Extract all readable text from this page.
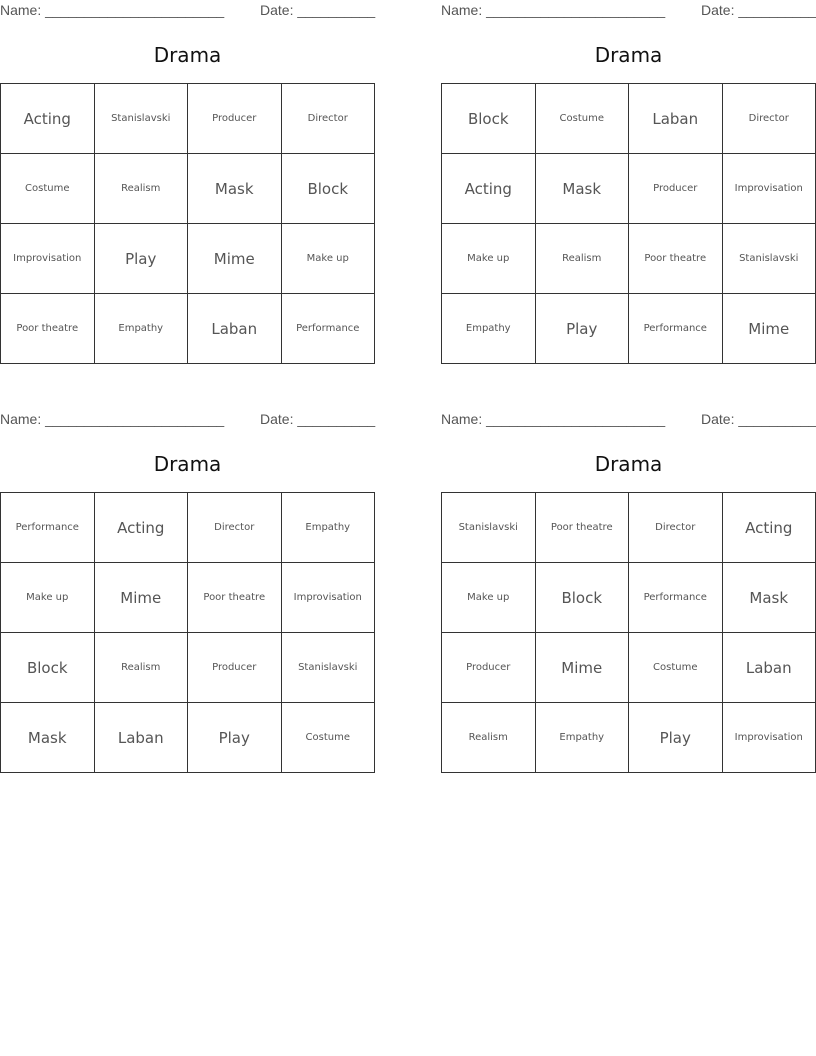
Name: _______________________	Date: __________
Drama
Acting	Stanislavski	Producer	Director
Costume	Realism	Mask	Block
Improvisation	Play	Mime	Make up
Poor theatre	Empathy	Laban	Performance
Name: _______________________	Date: __________
Drama
Block	Costume	Laban	Director
Acting	Mask	Producer	Improvisation
Make up	Realism	Poor theatre	Stanislavski
Empathy	Play	Performance	Mime
Name: _______________________	Date: __________
Drama
Performance	Acting	Director	Empathy
Make up	Mime	Poor theatre	Improvisation
Block	Realism	Producer	Stanislavski
Mask	Laban	Play	Costume
Name: _______________________	Date: __________
Drama
Stanislavski	Poor theatre	Director	Acting
Make up	Block	Performance	Mask
Producer	Mime	Costume	Laban
Realism	Empathy	Play	Improvisation
